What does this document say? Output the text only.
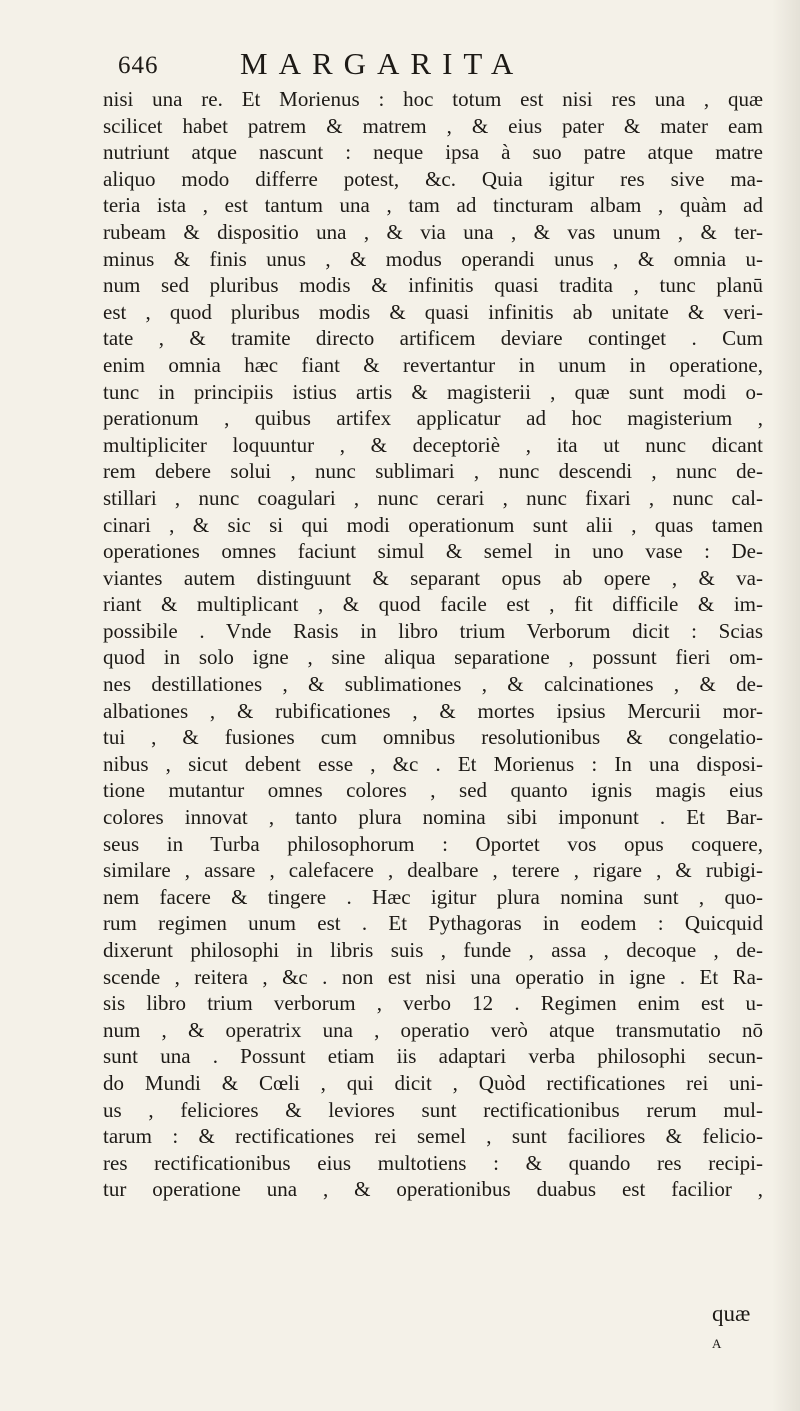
646	MARGARITA
nisi una re. Et Morienus : hoc totum est nisi res una , quæ
scilicet habet patrem & matrem , & eius pater & mater eam
nutriunt atque nascunt : neque ipsa à suo patre atque matre
aliquo modo differre potest, &c. Quia igitur res sive ma-
teria ista , est tantum una , tam ad tincturam albam , quàm ad
rubeam & dispositio una , & via una , & vas unum , & ter-
minus & finis unus , & modus operandi unus , & omnia u-
num sed pluribus modis & infinitis quasi tradita , tunc planū
est , quod pluribus modis & quasi infinitis ab unitate & veri-
tate , & tramite directo artificem deviare continget . Cum
enim omnia hæc fiant & revertantur in unum in operatione,
tunc in principiis istius artis & magisterii , quæ sunt modi o-
perationum , quibus artifex applicatur ad hoc magisterium ,
multipliciter loquuntur , & deceptoriè , ita ut nunc dicant
rem debere solui , nunc sublimari , nunc descendi , nunc de-
stillari , nunc coagulari , nunc cerari , nunc fixari , nunc cal-
cinari , & sic si qui modi operationum sunt alii , quas tamen
operationes omnes faciunt simul & semel in uno vase : De-
viantes autem distinguunt & separant opus ab opere , & va-
riant & multiplicant , & quod facile est , fit difficile & im-
possibile . Vnde Rasis in libro trium Verborum dicit : Scias
quod in solo igne , sine aliqua separatione , possunt fieri om-
nes destillationes , & sublimationes , & calcinationes , & de-
albationes , & rubificationes , & mortes ipsius Mercurii mor-
tui , & fusiones cum omnibus resolutionibus & congelatio-
nibus , sicut debent esse , &c . Et Morienus : In una disposi-
tione mutantur omnes colores , sed quanto ignis magis eius
colores innovat , tanto plura nomina sibi imponunt . Et Bar-
seus in Turba philosophorum : Oportet vos opus coquere,
similare , assare , calefacere , dealbare , terere , rigare , & rubigi-
nem facere & tingere . Hæc igitur plura nomina sunt , quo-
rum regimen unum est . Et Pythagoras in eodem : Quicquid
dixerunt philosophi in libris suis , funde , assa , decoque , de-
scende , reitera , &c . non est nisi una operatio in igne . Et Ra-
sis libro trium verborum , verbo 12 . Regimen enim est u-
num , & operatrix una , operatio verò atque transmutatio nō
sunt una . Possunt etiam iis adaptari verba philosophi secun-
do Mundi & Cœli , qui dicit , Quòd rectificationes rei uni-
us , feliciores & leviores sunt rectificationibus rerum mul-
tarum : & rectificationes rei semel , sunt faciliores & felicio-
res rectificationibus eius multotiens : & quando res recipi-
tur operatione una , & operationibus duabus est facilior ,
quæ
A
